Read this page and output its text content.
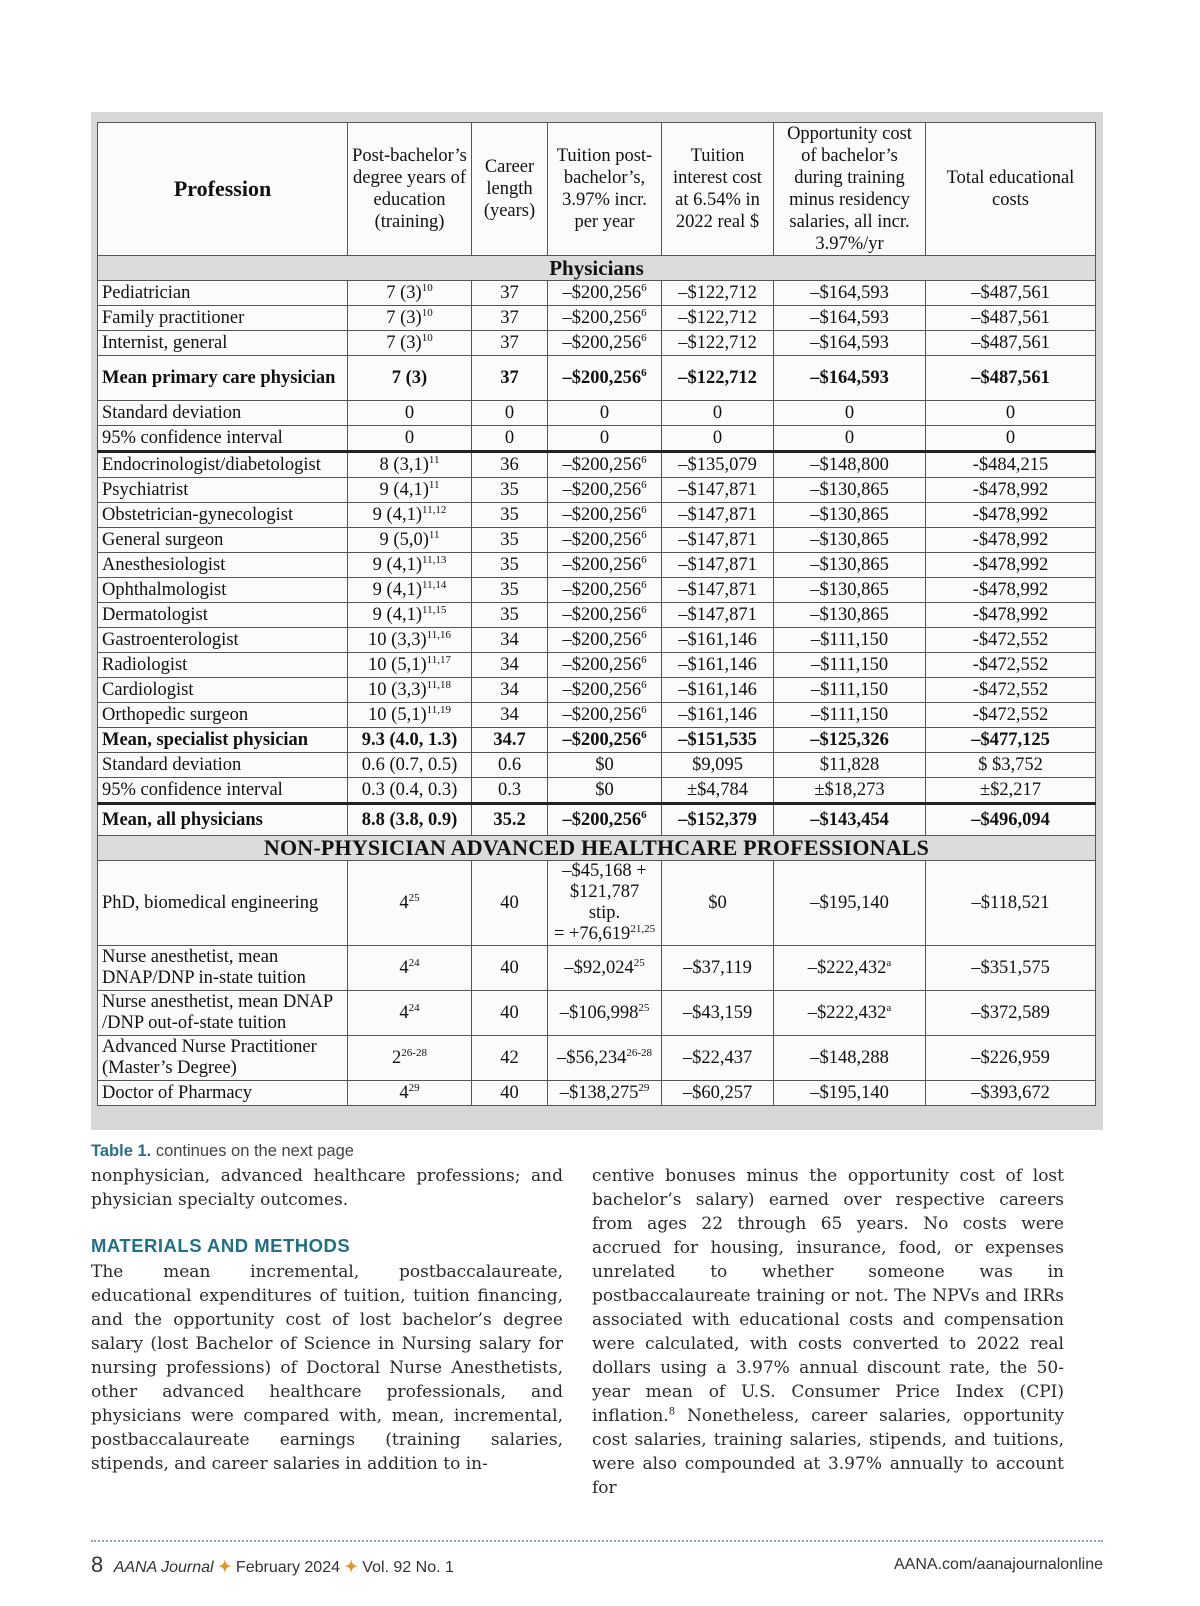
Profession	Post-bachelor’s degree years of education (training)	Career length (years)	Tuition post-bachelor’s, 3.97% incr. per year	Tuition interest cost at 6.54% in 2022 real $	Opportunity cost of bachelor’s during training minus residency salaries, all incr. 3.97%/yr	Total educational costs
Physicians						
Pediatrician	7 $(3)^{10}$	37	–$200,256$^6$	–$122,712	–$164,593	–$487,561
Family practitioner	7 $(3)^{10}$	37	–$200,256$^6$	–$122,712	–$164,593	–$487,561
Internist, general	7 $(3)^{10}$	37	–$200,256$^6$	–$122,712	–$164,593	–$487,561
Mean primary care physician	7 (3)	37	–$200,256$^6$	–$122,712	–$164,593	–$487,561
Standard deviation	0	0	0	0	0	0
95% confidence interval	0	0	0	0	0	0
Endocrinologist/diabetologist	8 $(3,1)^{11}$	36	–$200,256$^6$	–$135,079	–$148,800	-$484,215
Psychiatrist	9 $(4,1)^{11}$	35	–$200,256$^6$	–$147,871	–$130,865	-$478,992
Obstetrician-gynecologist	9 $(4,1)^{11,12}$	35	–$200,256$^6$	–$147,871	–$130,865	-$478,992
General surgeon	9 $(5,0)^{11}$	35	–$200,256$^6$	–$147,871	–$130,865	-$478,992
Anesthesiologist	9 $(4,1)^{11,13}$	35	–$200,256$^6$	–$147,871	–$130,865	-$478,992
Ophthalmologist	9 $(4,1)^{11,14}$	35	–$200,256$^6$	–$147,871	–$130,865	-$478,992
Dermatologist	9 $(4,1)^{11,15}$	35	–$200,256$^6$	–$147,871	–$130,865	-$478,992
Gastroenterologist	10 $(3,3)^{11,16}$	34	–$200,256$^6$	–$161,146	–$111,150	-$472,552
Radiologist	10 $(5,1)^{11,17}$	34	–$200,256$^6$	–$161,146	–$111,150	-$472,552
Cardiologist	10 $(3,3)^{11,18}$	34	–$200,256$^6$	–$161,146	–$111,150	-$472,552
Orthopedic surgeon	10 $(5,1)^{11,19}$	34	–$200,256$^6$	–$161,146	–$111,150	-$472,552
Mean, specialist physician	9.3 (4.0, 1.3)	34.7	–$200,256$^6$	–$151,535	–$125,326	–$477,125
Standard deviation	0.6 (0.7, 0.5)	0.6	$0	$9,095	$11,828	$ $3,752
95% confidence interval	0.3 (0.4, 0.3)	0.3	$0	±$4,784	±$18,273	±$2,217
Mean, all physicians	8.8 (3.8, 0.9)	35.2	–$200,256$^6$	–$152,379	–$143,454	–$496,094
NON-PHYSICIAN ADVANCED HEALTHCARE PROFESSIONALS						
PhD, biomedical engineering	$4^{25}$	40	–$45,168 +
$121,787 stip.
= $+76,619^{21,25}$	$0	–$195,140	–$118,521

Nurse anesthetist, mean
DNAP/DNP in-state tuition	$4^{24}$	40	–$92,024$^{25}$	–$37,119	–$222,432$^a$	–$351,575

Nurse anesthetist, mean DNAP
/DNP out-of-state tuition	$4^{24}$	40	–$106,998$^{25}$	–$43,159	–$222,432$^a$	–$372,589

Advanced Nurse Practitioner
(Master’s Degree)	2$^{26-28}$	42	–$56,234$^{26-28}$	–$22,437	–$148,288	–$226,959
Doctor of Pharmacy	$4^{29}$	40	–$138,275$^{29}$	–$60,257	–$195,140	–$393,672
Table 1. continues on the next page

nonphysician, advanced healthcare professions; and physician specialty outcomes.

MATERIALS AND METHODS

The mean incremental, postbaccalaureate, educational expenditures of tuition, tuition financing, and the opportunity cost of lost bachelor’s degree salary (lost Bachelor of Science in Nursing salary for nursing professions) of Doctoral Nurse Anesthetists, other advanced healthcare professionals, and physicians were compared with, mean, incremental, postbaccalaureate earnings (training salaries, stipends, and career salaries in addition to in-

centive bonuses minus the opportunity cost of lost bachelor’s salary) earned over respective careers from ages 22 through 65 years. No costs were accrued for housing, insurance, food, or expenses unrelated to whether someone was in postbaccalaureate training or not. The NPVs and IRRs associated with educational costs and compensation were calculated, with costs converted to 2022 real dollars using a 3.97% annual discount rate, the 50-year mean of U.S. Consumer Price Index (CPI) inflation.$^8$ Nonetheless, career salaries, opportunity cost salaries, training salaries, stipends, and tuitions, were also compounded at 3.97% annually to account for

8 AANA Journal ✦ February 2024 ✦ Vol. 92 No. 1	AANA.com/aanajournalonline
